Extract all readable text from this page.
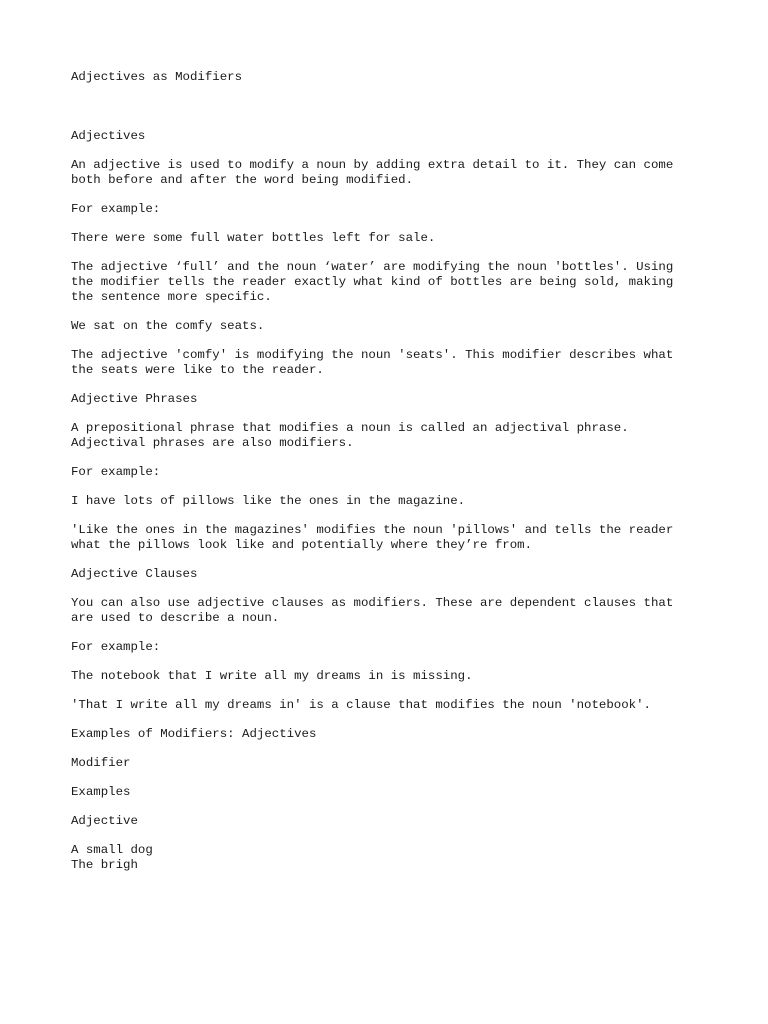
Adjectives as Modifiers
Adjectives
An adjective is used to modify a noun by adding extra detail to it. They can come
both before and after the word being modified.
For example:
There were some full water bottles left for sale.
The adjective ‘full’ and the noun ‘water’ are modifying the noun 'bottles'. Using
the modifier tells the reader exactly what kind of bottles are being sold, making
the sentence more specific.
We sat on the comfy seats.
The adjective 'comfy' is modifying the noun 'seats'. This modifier describes what
the seats were like to the reader.
Adjective Phrases
A prepositional phrase that modifies a noun is called an adjectival phrase.
Adjectival phrases are also modifiers.
For example:
I have lots of pillows like the ones in the magazine.
'Like the ones in the magazines' modifies the noun 'pillows' and tells the reader
what the pillows look like and potentially where they’re from.
Adjective Clauses
You can also use adjective clauses as modifiers. These are dependent clauses that
are used to describe a noun.
For example:
The notebook that I write all my dreams in is missing.
'That I write all my dreams in' is a clause that modifies the noun 'notebook'.
Examples of Modifiers: Adjectives
Modifier
Examples
Adjective
A small dog
The brigh
